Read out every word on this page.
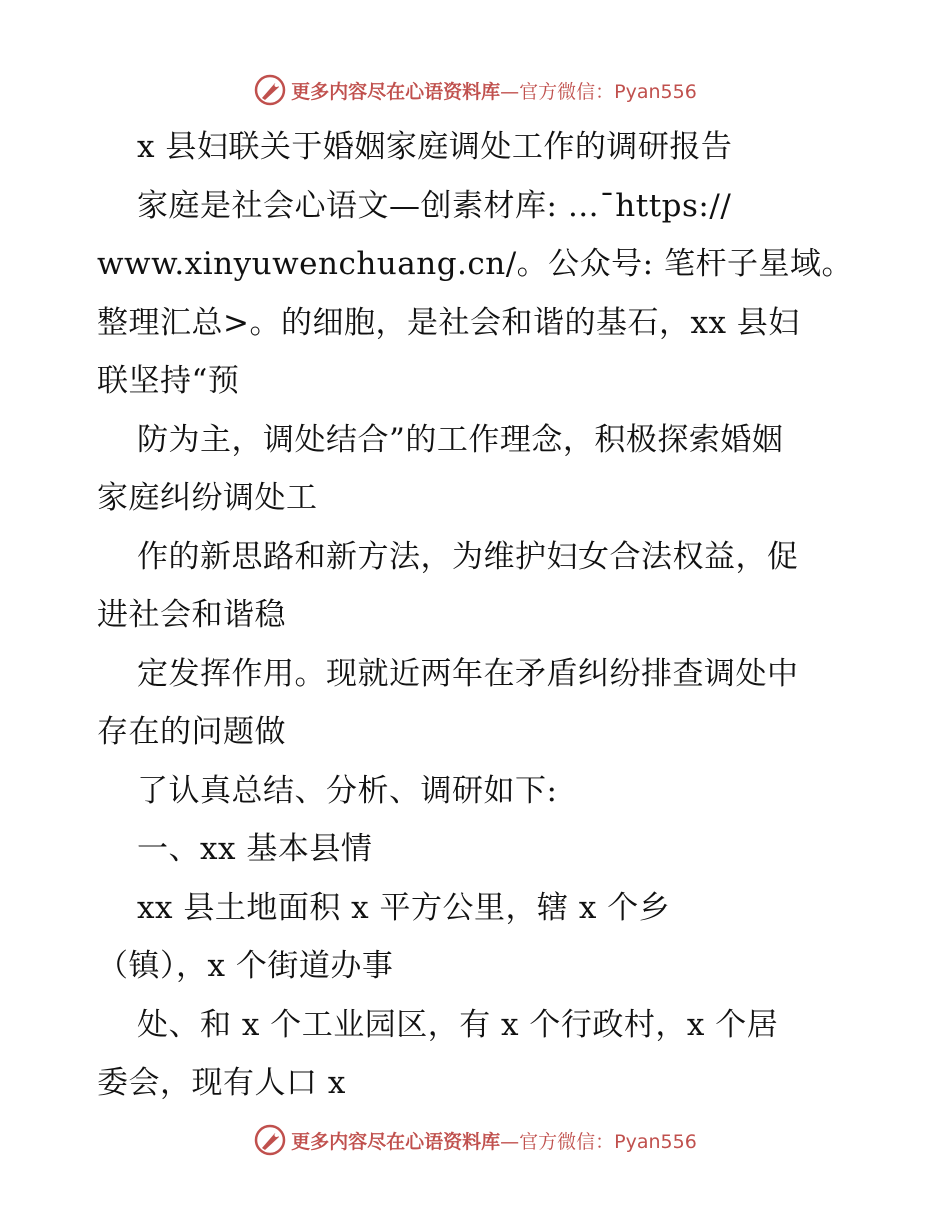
更多内容尽在心语资料库—官方微信：Pyan556
x 县妇联关于婚姻家庭调处工作的调研报告
家庭是社会心语文—创素材库: …¯https://
www.xinyuwenchuang.cn/。公众号: 笔杆子星域。
整理汇总>。的细胞，是社会和谐的基石，xx 县妇
联坚持“预
防为主，调处结合”的工作理念，积极探索婚姻
家庭纠纷调处工
作的新思路和新方法，为维护妇女合法权益，促
进社会和谐稳
定发挥作用。现就近两年在矛盾纠纷排查调处中
存在的问题做
了认真总结、分析、调研如下:
一、xx 基本县情
xx 县土地面积 x 平方公里，辖 x 个乡
（镇），x 个街道办事
处、和 x 个工业园区，有 x 个行政村，x 个居
委会，现有人口 x
更多内容尽在心语资料库—官方微信：Pyan556
